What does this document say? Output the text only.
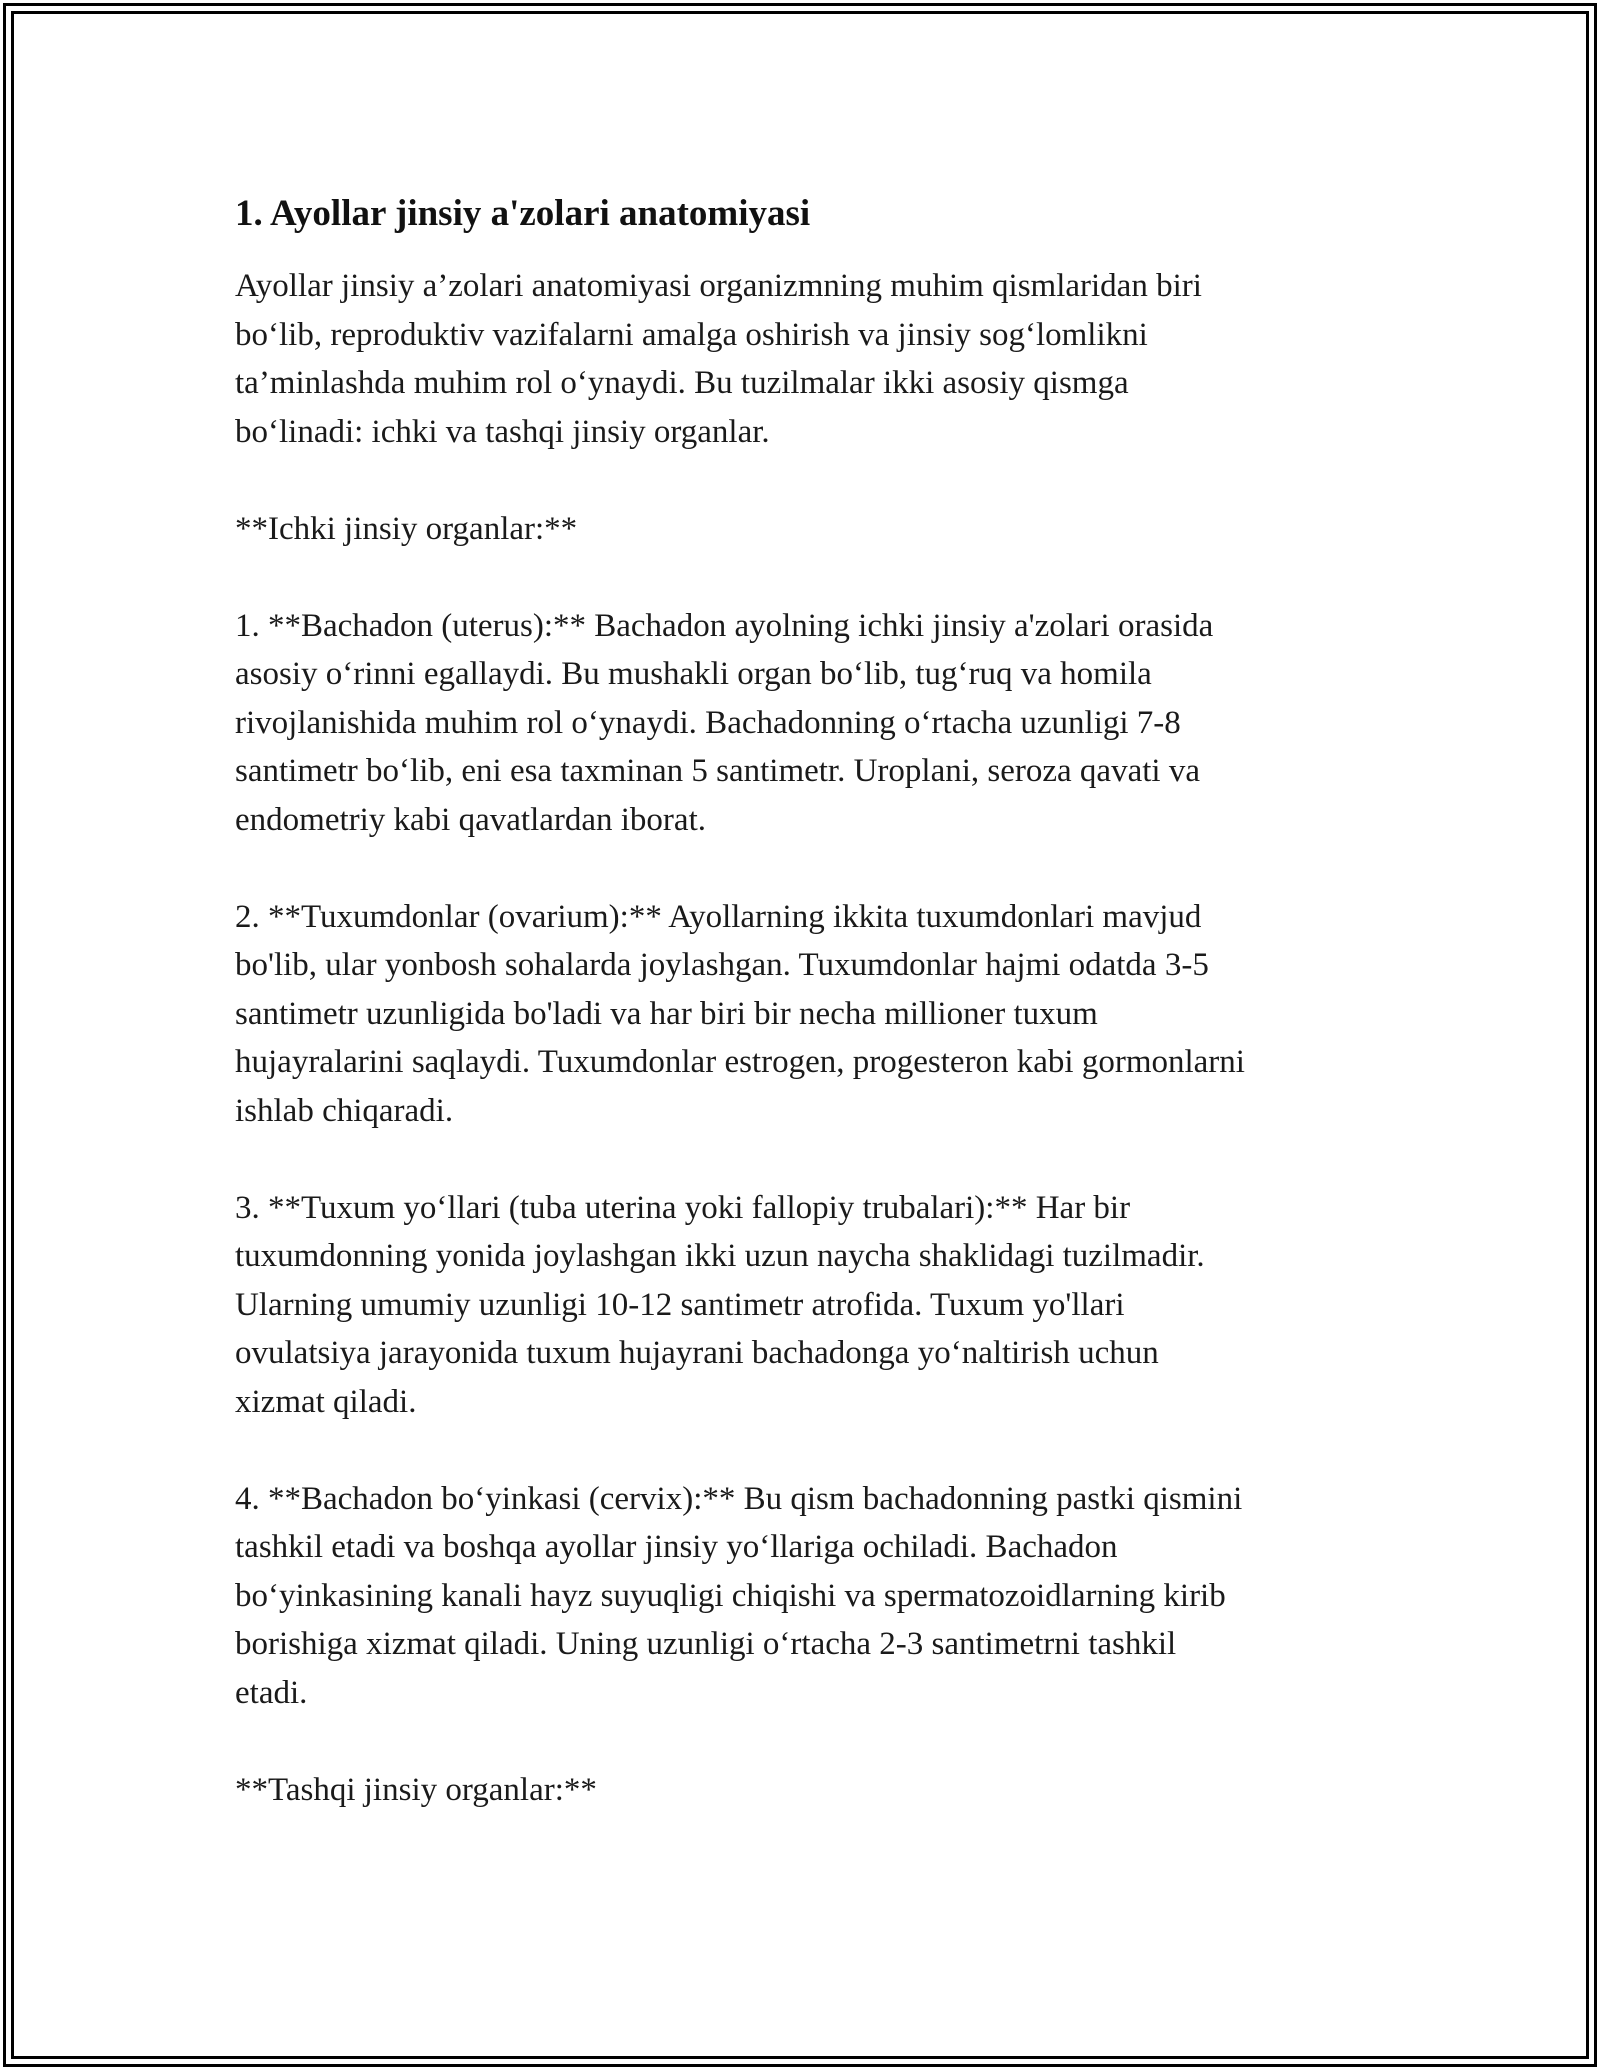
1. Ayollar jinsiy a'zolari anatomiyasi

Ayollar jinsiy a’zolari anatomiyasi organizmning muhim qismlaridan biri
bo‘lib, reproduktiv vazifalarni amalga oshirish va jinsiy sog‘lomlikni
ta’minlashda muhim rol o‘ynaydi. Bu tuzilmalar ikki asosiy qismga
bo‘linadi: ichki va tashqi jinsiy organlar.

**Ichki jinsiy organlar:**

1. **Bachadon (uterus):** Bachadon ayolning ichki jinsiy a'zolari orasida
asosiy o‘rinni egallaydi. Bu mushakli organ bo‘lib, tug‘ruq va homila
rivojlanishida muhim rol o‘ynaydi. Bachadonning o‘rtacha uzunligi 7-8
santimetr bo‘lib, eni esa taxminan 5 santimetr. Uroplani, seroza qavati va
endometriy kabi qavatlardan iborat.

2. **Tuxumdonlar (ovarium):** Ayollarning ikkita tuxumdonlari mavjud
bo'lib, ular yonbosh sohalarda joylashgan. Tuxumdonlar hajmi odatda 3-5
santimetr uzunligida bo'ladi va har biri bir necha millioner tuxum
hujayralarini saqlaydi. Tuxumdonlar estrogen, progesteron kabi gormonlarni
ishlab chiqaradi.

3. **Tuxum yo‘llari (tuba uterina yoki fallopiy trubalari):** Har bir
tuxumdonning yonida joylashgan ikki uzun naycha shaklidagi tuzilmadir.
Ularning umumiy uzunligi 10-12 santimetr atrofida. Tuxum yo'llari
ovulatsiya jarayonida tuxum hujayrani bachadonga yo‘naltirish uchun
xizmat qiladi.

4. **Bachadon bo‘yinkasi (cervix):** Bu qism bachadonning pastki qismini
tashkil etadi va boshqa ayollar jinsiy yo‘llariga ochiladi. Bachadon
bo‘yinkasining kanali hayz suyuqligi chiqishi va spermatozoidlarning kirib
borishiga xizmat qiladi. Uning uzunligi o‘rtacha 2-3 santimetrni tashkil
etadi.

**Tashqi jinsiy organlar:**
